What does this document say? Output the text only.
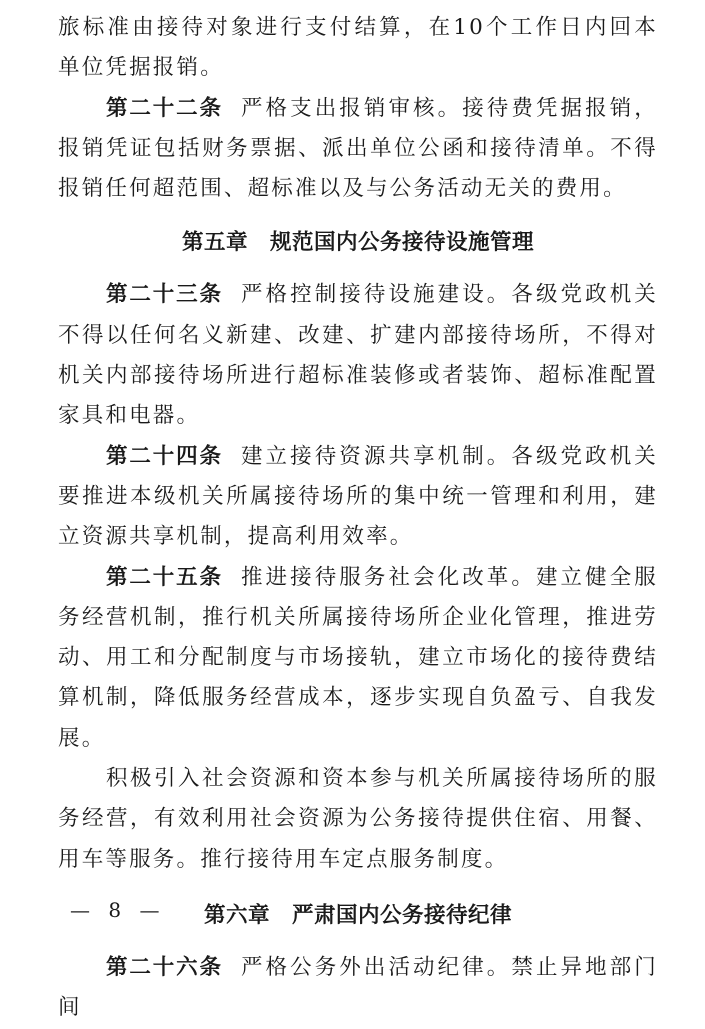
旅标准由接待对象进行支付结算，在10个工作日内回本单位凭据报销。

第二十二条 严格支出报销审核。接待费凭据报销，报销凭证包括财务票据、派出单位公函和接待清单。不得报销任何超范围、超标准以及与公务活动无关的费用。

第五章 规范国内公务接待设施管理

第二十三条 严格控制接待设施建设。各级党政机关不得以任何名义新建、改建、扩建内部接待场所，不得对机关内部接待场所进行超标准装修或者装饰、超标准配置家具和电器。

第二十四条 建立接待资源共享机制。各级党政机关要推进本级机关所属接待场所的集中统一管理和利用，建立资源共享机制，提高利用效率。

第二十五条 推进接待服务社会化改革。建立健全服务经营机制，推行机关所属接待场所企业化管理，推进劳动、用工和分配制度与市场接轨，建立市场化的接待费结算机制，降低服务经营成本，逐步实现自负盈亏、自我发展。

积极引入社会资源和资本参与机关所属接待场所的服务经营，有效利用社会资源为公务接待提供住宿、用餐、用车等服务。推行接待用车定点服务制度。

第六章 严肃国内公务接待纪律

第二十六条 严格公务外出活动纪律。禁止异地部门间

— 8 —
